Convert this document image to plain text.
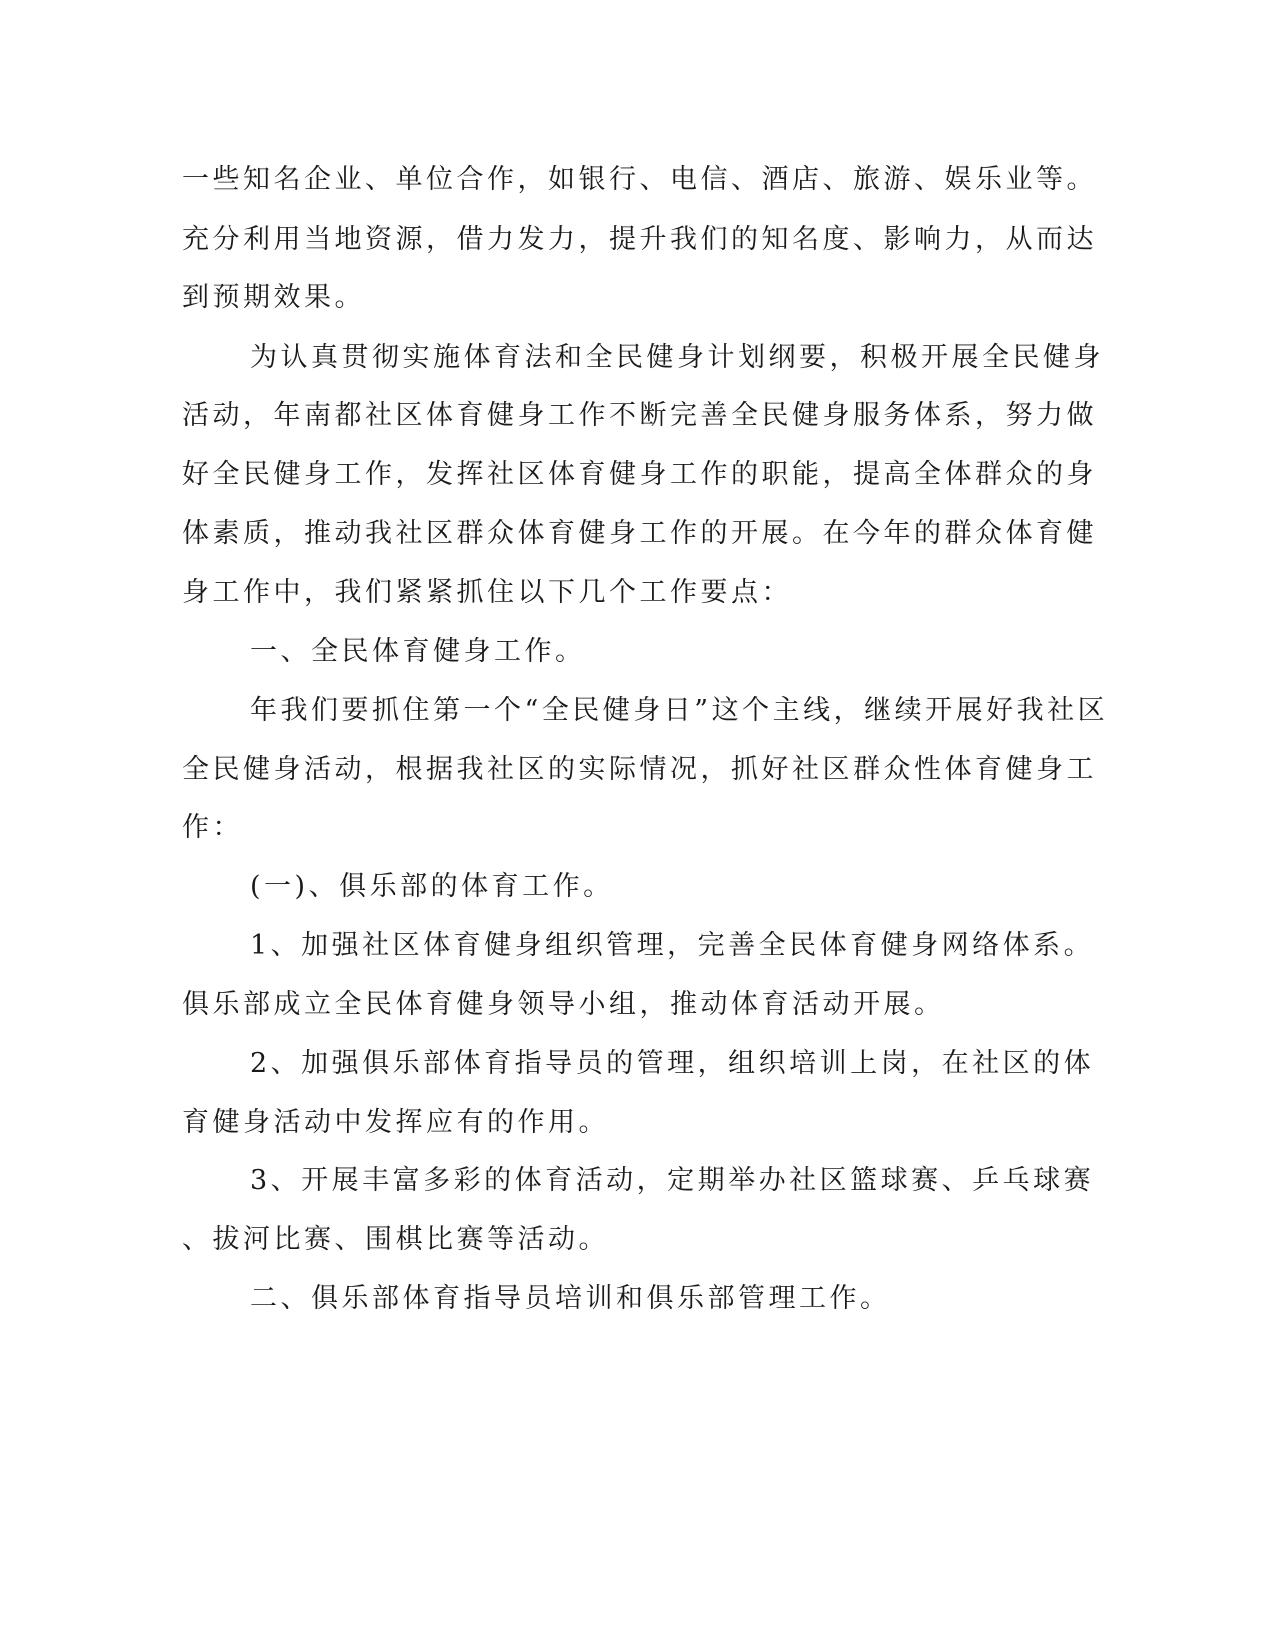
一些知名企业、单位合作，如银行、电信、酒店、旅游、娱乐业等。
充分利用当地资源，借力发力，提升我们的知名度、影响力，从而达
到预期效果。
为认真贯彻实施体育法和全民健身计划纲要，积极开展全民健身
活动，年南都社区体育健身工作不断完善全民健身服务体系，努力做
好全民健身工作，发挥社区体育健身工作的职能，提高全体群众的身
体素质，推动我社区群众体育健身工作的开展。在今年的群众体育健
身工作中，我们紧紧抓住以下几个工作要点：
一、全民体育健身工作。
年我们要抓住第一个“全民健身日”这个主线，继续开展好我社区
全民健身活动，根据我社区的实际情况，抓好社区群众性体育健身工
作：
(一)、俱乐部的体育工作。
1、加强社区体育健身组织管理，完善全民体育健身网络体系。
俱乐部成立全民体育健身领导小组，推动体育活动开展。
2、加强俱乐部体育指导员的管理，组织培训上岗，在社区的体
育健身活动中发挥应有的作用。
3、开展丰富多彩的体育活动，定期举办社区篮球赛、乒乓球赛
、拔河比赛、围棋比赛等活动。
二、俱乐部体育指导员培训和俱乐部管理工作。
